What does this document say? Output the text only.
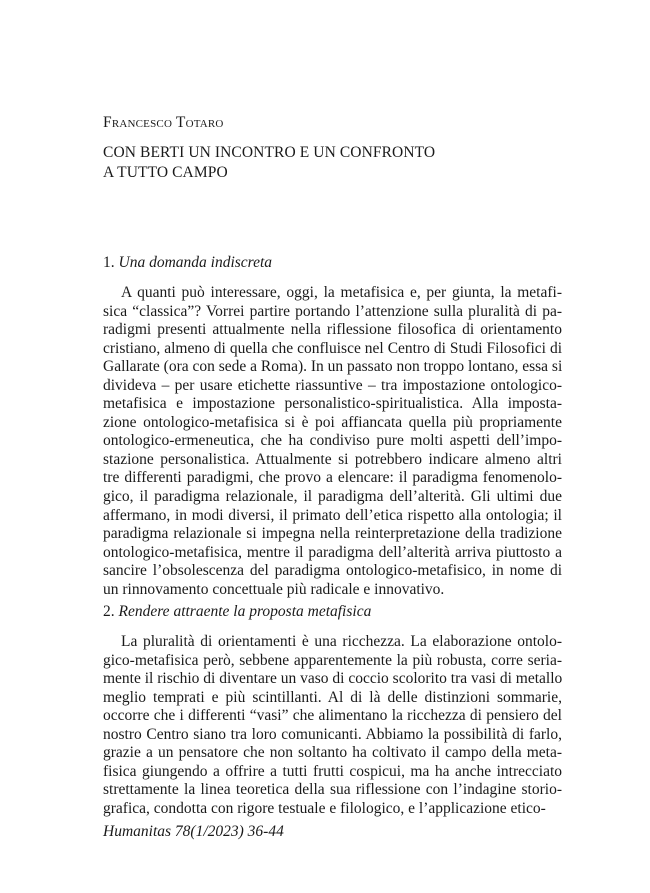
Francesco Totaro
CON BERTI UN INCONTRO E UN CONFRONTO
A TUTTO CAMPO
1. Una domanda indiscreta
A quanti può interessare, oggi, la metafisica e, per giunta, la metafi-
sica “classica”? Vorrei partire portando l’attenzione sulla pluralità di pa-
radigmi presenti attualmente nella riflessione filosofica di orientamento
cristiano, almeno di quella che confluisce nel Centro di Studi Filosofici di
Gallarate (ora con sede a Roma). In un passato non troppo lontano, essa si
divideva – per usare etichette riassuntive – tra impostazione ontologico-
metafisica e impostazione personalistico-spiritualistica. Alla imposta-
zione ontologico-metafisica si è poi affiancata quella più propriamente
ontologico-ermeneutica, che ha condiviso pure molti aspetti dell’impo-
stazione personalistica. Attualmente si potrebbero indicare almeno altri
tre differenti paradigmi, che provo a elencare: il paradigma fenomenolo-
gico, il paradigma relazionale, il paradigma dell’alterità. Gli ultimi due
affermano, in modi diversi, il primato dell’etica rispetto alla ontologia; il
paradigma relazionale si impegna nella reinterpretazione della tradizione
ontologico-metafisica, mentre il paradigma dell’alterità arriva piuttosto a
sancire l’obsolescenza del paradigma ontologico-metafisico, in nome di
un rinnovamento concettuale più radicale e innovativo.
2. Rendere attraente la proposta metafisica
La pluralità di orientamenti è una ricchezza. La elaborazione ontolo-
gico-metafisica però, sebbene apparentemente la più robusta, corre seria-
mente il rischio di diventare un vaso di coccio scolorito tra vasi di metallo
meglio temprati e più scintillanti. Al di là delle distinzioni sommarie,
occorre che i differenti “vasi” che alimentano la ricchezza di pensiero del
nostro Centro siano tra loro comunicanti. Abbiamo la possibilità di farlo,
grazie a un pensatore che non soltanto ha coltivato il campo della meta-
fisica giungendo a offrire a tutti frutti cospicui, ma ha anche intrecciato
strettamente la linea teoretica della sua riflessione con l’indagine storio-
grafica, condotta con rigore testuale e filologico, e l’applicazione etico-
Humanitas 78(1/2023) 36-44
